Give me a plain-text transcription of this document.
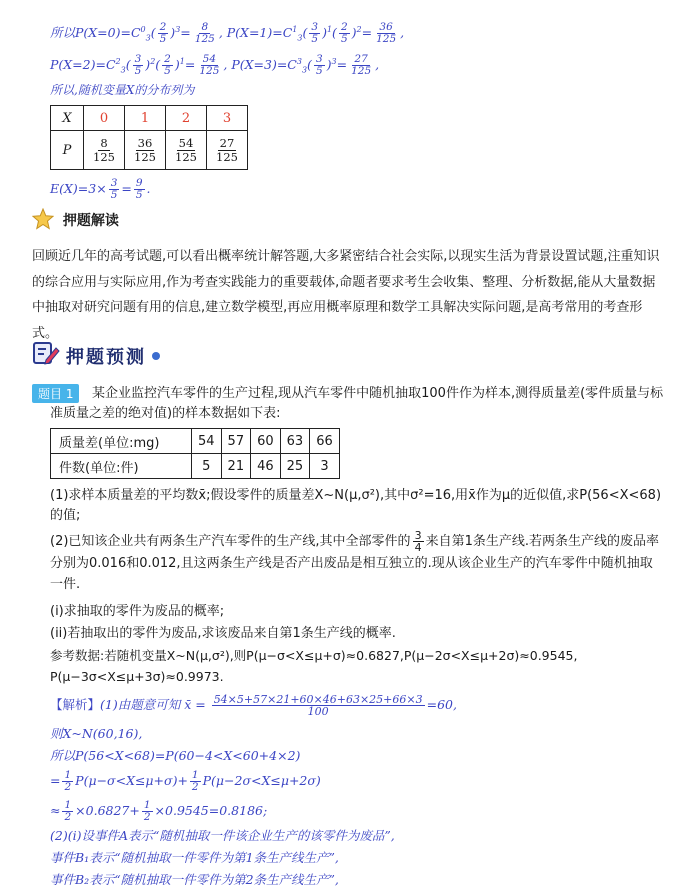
所以$P(X=0)=C^0_3( \frac{2}{5} )^3= \frac{8}{125}$ , $P(X=1)=C^1_3( \frac{3}{5} )^1( \frac{2}{5} )^2= \frac{36}{125}$ ,
$P(X=2)=C^2_3( \frac{3}{5} )^2( \frac{2}{5} )^1= \frac{54}{125}$ , $P(X=3)=C^3_3( \frac{3}{5} )^3= \frac{27}{125}$ ,
所以,随机变量X的分布列为
X	0	1	2	3
P	$\frac{8}{125}$	$\frac{36}{125}$	$\frac{54}{125}$	$\frac{27}{125}$
$E(X)=3\times \frac{3}{5} = \frac{9}{5}$ .
押题解读
回顾近几年的高考试题,可以看出概率统计解答题,大多紧密结合社会实际,以现实生活为背景设置试题,注重知识的综合应用与实际应用,作为考查实践能力的重要载体,命题者要求考生会收集、整理、分析数据,能从大量数据中抽取对研究问题有用的信息,建立数学模型,再应用概率原理和数学工具解决实际问题,是高考常用的考查形式。
押题预测
题目 1	某企业监控汽车零件的生产过程,现从汽车零件中随机抽取100件作为样本,测得质量差(零件质量与标准质量之差的绝对值)的样本数据如下表:
质量差(单位:mg)	54	57	60	63	66
件数(单位:件)	5	21	46	25	3
(1)求样本质量差的平均数x̄;假设零件的质量差X~N(μ,σ²),其中σ²=16,用x̄作为μ的近似值,求P(56<X<68)的值;
(2)已知该企业共有两条生产汽车零件的生产线,其中全部零件的 $\frac{3}{4}$ 来自第1条生产线.若两条生产线的废品率分别为0.016和0.012,且这两条生产线是否产出废品是相互独立的.现从该企业生产的汽车零件中随机抽取一件.
(i)求抽取的零件为废品的概率;
(ii)若抽取出的零件为废品,求该废品来自第1条生产线的概率.
参考数据:若随机变量X~N(μ,σ²),则P(μ−σ<X≤μ+σ)≈0.6827,P(μ−2σ<X≤μ+2σ)≈0.9545,
P(μ−3σ<X≤μ+3σ)≈0.9973.
【解析】(1)由题意可知 x̄ = $\frac{54\times 5+57\times 21+60\times 46+63\times 25+66\times 3}{100} =60$,
则X~N(60,16),
所以P(56<X<68)=P(60−4<X<60+4×2)
= $\frac{1}{2} P(\mu-\sigma<X\le\mu+\sigma)+ \frac{1}{2} P(\mu-2\sigma<X\le\mu+2\sigma)$
≈ $\frac{1}{2} \times 0.6827+ \frac{1}{2} \times 0.9545=0.8186$;
(2)(i)设事件A表示“随机抽取一件该企业生产的该零件为废品”,
事件B₁表示“随机抽取一件零件为第1条生产线生产”,
事件B₂表示“随机抽取一件零件为第2条生产线生产”,
